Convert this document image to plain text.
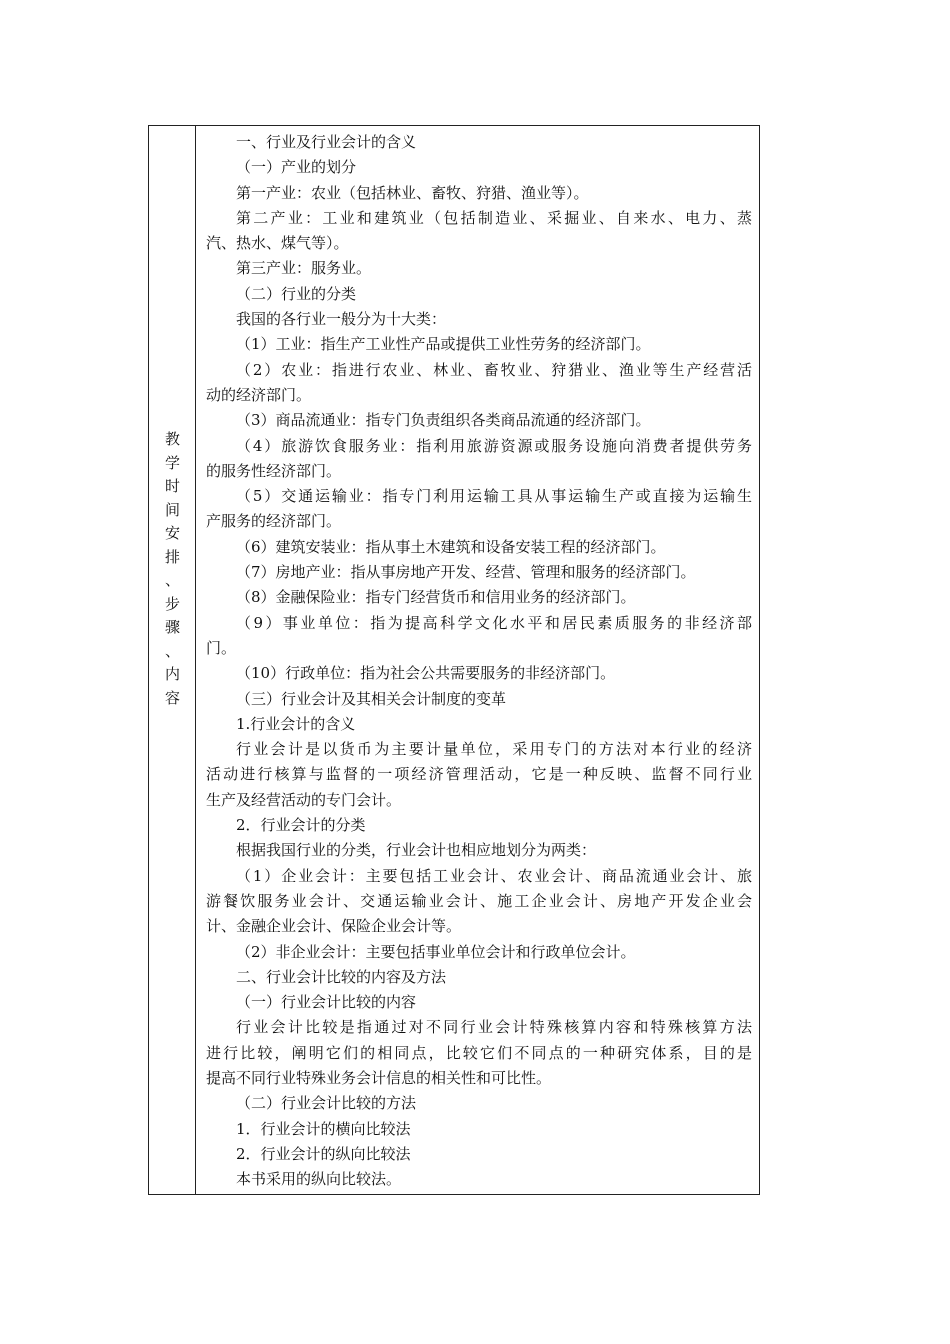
教
学
时
间
安
排
、
步
骤
、
内
容
一、行业及行业会计的含义
（一）产业的划分
第一产业：农业（包括林业、畜牧、狩猎、渔业等）。
第二产业：工业和建筑业（包括制造业、采掘业、自来水、电力、蒸
汽、热水、煤气等）。
第三产业：服务业。
（二）行业的分类
我国的各行业一般分为十大类：
（1）工业：指生产工业性产品或提供工业性劳务的经济部门。
（2）农业：指进行农业、林业、畜牧业、狩猎业、渔业等生产经营活
动的经济部门。
（3）商品流通业：指专门负责组织各类商品流通的经济部门。
（4）旅游饮食服务业：指利用旅游资源或服务设施向消费者提供劳务
的服务性经济部门。
（5）交通运输业：指专门利用运输工具从事运输生产或直接为运输生
产服务的经济部门。
（6）建筑安装业：指从事土木建筑和设备安装工程的经济部门。
（7）房地产业：指从事房地产开发、经营、管理和服务的经济部门。
（8）金融保险业：指专门经营货币和信用业务的经济部门。
（9）事业单位：指为提高科学文化水平和居民素质服务的非经济部
门。
（10）行政单位：指为社会公共需要服务的非经济部门。
（三）行业会计及其相关会计制度的变革
1.行业会计的含义
行业会计是以货币为主要计量单位，采用专门的方法对本行业的经济
活动进行核算与监督的一项经济管理活动，它是一种反映、监督不同行业
生产及经营活动的专门会计。
2．行业会计的分类
根据我国行业的分类，行业会计也相应地划分为两类：
（1）企业会计：主要包括工业会计、农业会计、商品流通业会计、旅
游餐饮服务业会计、交通运输业会计、施工企业会计、房地产开发企业会
计、金融企业会计、保险企业会计等。
（2）非企业会计：主要包括事业单位会计和行政单位会计。
二、行业会计比较的内容及方法
（一）行业会计比较的内容
行业会计比较是指通过对不同行业会计特殊核算内容和特殊核算方法
进行比较，阐明它们的相同点，比较它们不同点的一种研究体系，目的是
提高不同行业特殊业务会计信息的相关性和可比性。
（二）行业会计比较的方法
1．行业会计的横向比较法
2．行业会计的纵向比较法
本书采用的纵向比较法。
